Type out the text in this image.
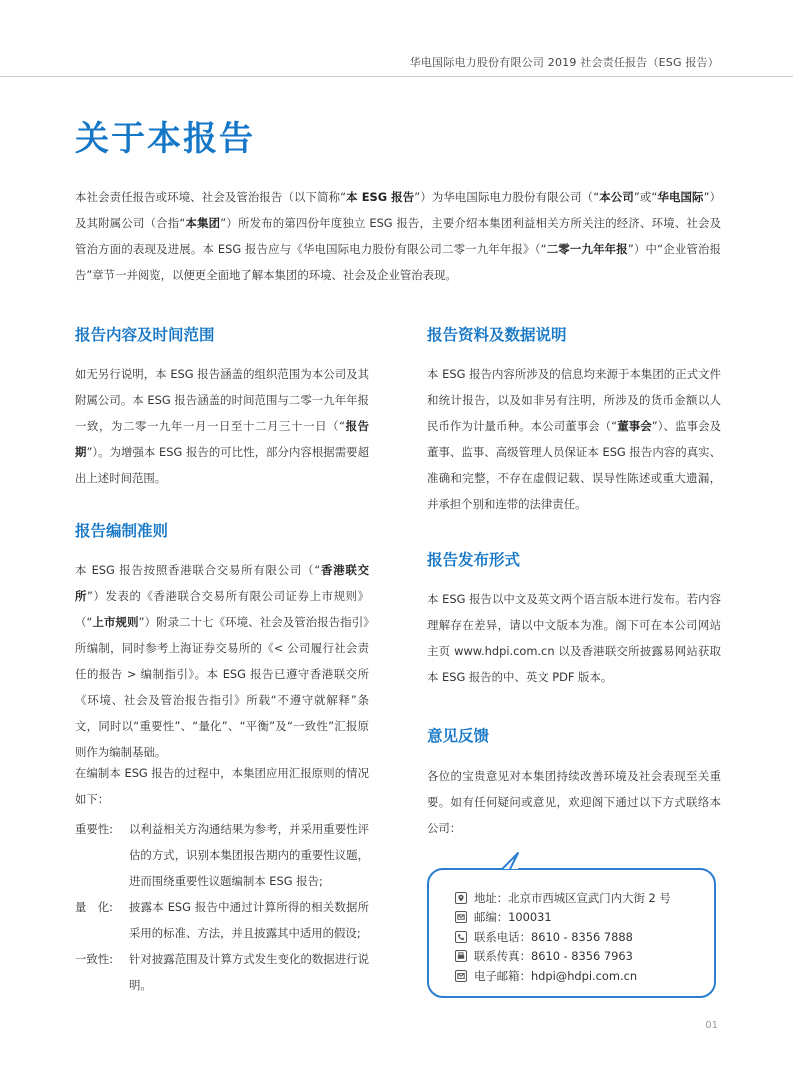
华电国际电力股份有限公司 2019 社会责任报告（ESG 报告）
关于本报告

本社会责任报告或环境、社会及管治报告（以下简称“本 ESG 报告”）为华电国际电力股份有限公司（“本公司”或“华电国际”）及其附属公司（合指“本集团”）所发布的第四份年度独立 ESG 报告，主要介绍本集团利益相关方所关注的经济、环境、社会及管治方面的表现及进展。本 ESG 报告应与《华电国际电力股份有限公司二零一九年年报》（“二零一九年年报”）中“企业管治报告”章节一并阅览，以便更全面地了解本集团的环境、社会及企业管治表现。

报告内容及时间范围

如无另行说明，本 ESG 报告涵盖的组织范围为本公司及其附属公司。本 ESG 报告涵盖的时间范围与二零一九年年报一致，为二零一九年一月一日至十二月三十一日（“报告期”）。为增强本 ESG 报告的可比性，部分内容根据需要超出上述时间范围。

报告编制准则

本 ESG 报告按照香港联合交易所有限公司（“香港联交所”）发表的《香港联合交易所有限公司证券上市规则》（“上市规则”）附录二十七《环境、社会及管治报告指引》所编制，同时参考上海证券交易所的《< 公司履行社会责任的报告 > 编制指引》。本 ESG 报告已遵守香港联交所《环境、社会及管治报告指引》所载“不遵守就解释”条文，同时以“重要性”、“量化”、“平衡”及“一致性”汇报原则作为编制基础。

在编制本 ESG 报告的过程中，本集团应用汇报原则的情况如下：

重要性:	以利益相关方沟通结果为参考，并采用重要性评估的方式，识别本集团报告期内的重要性议题，进而围绕重要性议题编制本 ESG 报告;
量　化:	披露本 ESG 报告中通过计算所得的相关数据所采用的标准、方法，并且披露其中适用的假设;
一致性:	针对披露范围及计算方式发生变化的数据进行说明。
报告资料及数据说明

本 ESG 报告内容所涉及的信息均来源于本集团的正式文件和统计报告，以及如非另有注明，所涉及的货币金额以人民币作为计量币种。本公司董事会（“董事会”）、监事会及董事、监事、高级管理人员保证本 ESG 报告内容的真实、准确和完整，不存在虚假记载、误导性陈述或重大遗漏，并承担个别和连带的法律责任。

报告发布形式

本 ESG 报告以中文及英文两个语言版本进行发布。若内容理解存在差异，请以中文版本为准。阁下可在本公司网站主页 www.hdpi.com.cn 以及香港联交所披露易网站获取本 ESG 报告的中、英文 PDF 版本。

意见反馈

各位的宝贵意见对本集团持续改善环境及社会表现至关重要。如有任何疑问或意见，欢迎阁下通过以下方式联络本公司：

地址：北京市西城区宣武门内大街 2 号
邮编：100031
联系电话：8610 - 8356 7888
联系传真：8610 - 8356 7963
电子邮箱：hdpi@hdpi.com.cn
01
